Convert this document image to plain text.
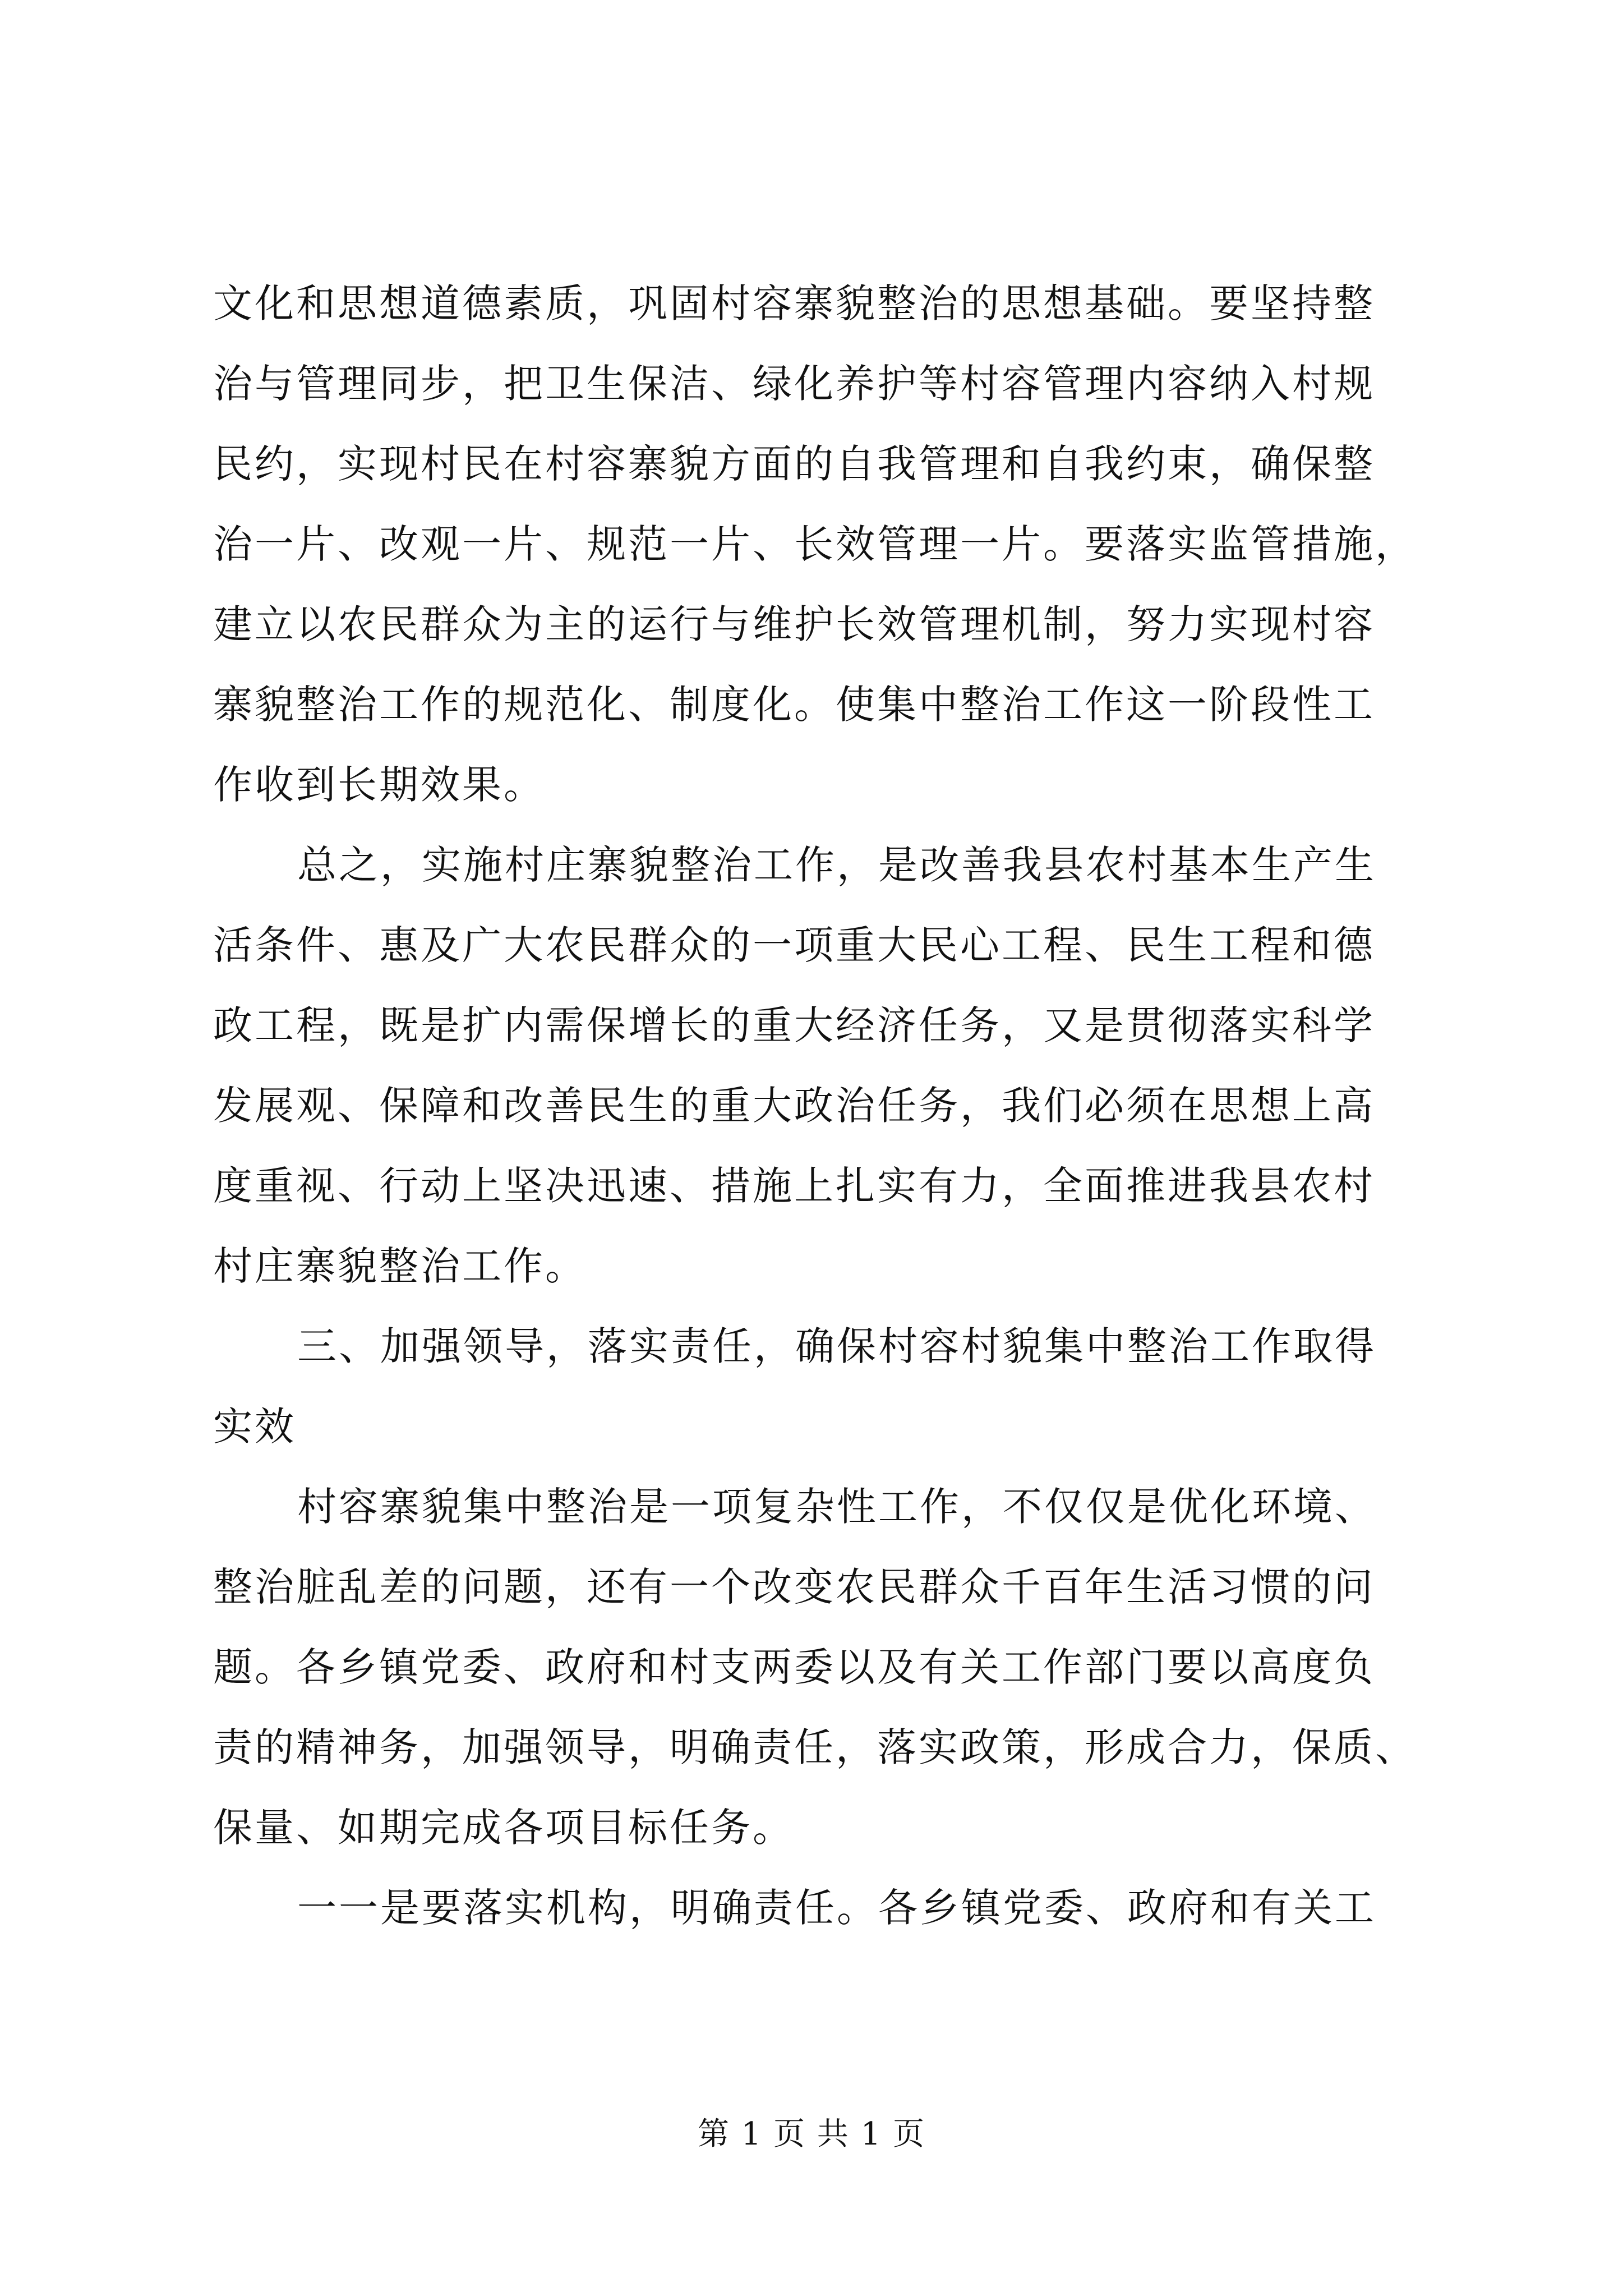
文化和思想道德素质，巩固村容寨貌整治的思想基础。要坚持整
治与管理同步，把卫生保洁、绿化养护等村容管理内容纳入村规
民约，实现村民在村容寨貌方面的自我管理和自我约束，确保整
治一片、改观一片、规范一片、长效管理一片。要落实监管措施，
建立以农民群众为主的运行与维护长效管理机制，努力实现村容
寨貌整治工作的规范化、制度化。使集中整治工作这一阶段性工
作收到长期效果。
总之，实施村庄寨貌整治工作，是改善我县农村基本生产生
活条件、惠及广大农民群众的一项重大民心工程、民生工程和德
政工程，既是扩内需保增长的重大经济任务，又是贯彻落实科学
发展观、保障和改善民生的重大政治任务，我们必须在思想上高
度重视、行动上坚决迅速、措施上扎实有力，全面推进我县农村
村庄寨貌整治工作。
三、加强领导，落实责任，确保村容村貌集中整治工作取得
实效
村容寨貌集中整治是一项复杂性工作，不仅仅是优化环境、
整治脏乱差的问题，还有一个改变农民群众千百年生活习惯的问
题。各乡镇党委、政府和村支两委以及有关工作部门要以高度负
责的精神务，加强领导，明确责任，落实政策，形成合力，保质、
保量、如期完成各项目标任务。
一一是要落实机构，明确责任。各乡镇党委、政府和有关工
第 1 页 共 1 页
